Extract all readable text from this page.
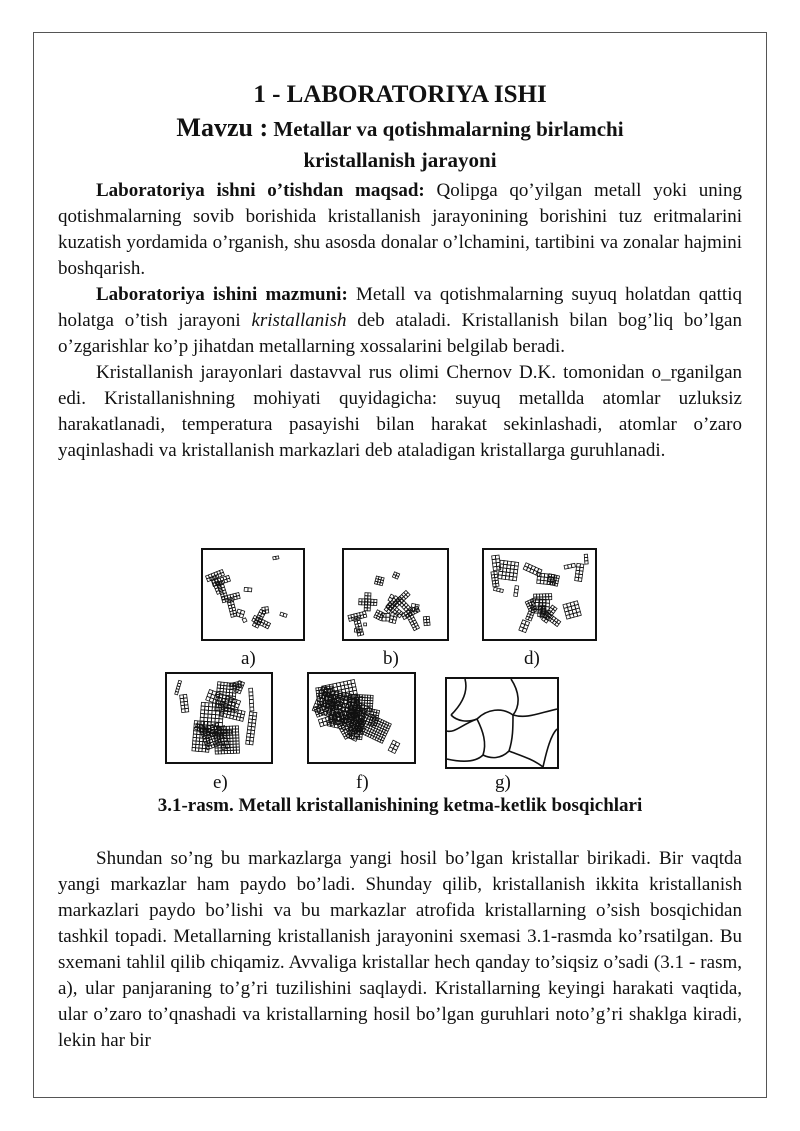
1 - LABORATORIYA ISHI
Mavzu : Metallar va qotishmalarning birlamchi
kristallanish jarayoni

Laboratoriya ishni o’tishdan maqsad: Qolipga qo’yilgan metall yoki uning qotishmalarning sovib borishida kristallanish jarayonining borishini tuz eritmalarini kuzatish yordamida o’rganish, shu asosda donalar o’lchamini, tartibini va zonalar hajmini boshqarish.

Laboratoriya ishini mazmuni: Metall va qotishmalarning suyuq holatdan qattiq holatga o’tish jarayoni kristallanish deb ataladi. Kristallanish bilan bog’liq bo’lgan o’zgarishlar ko’p jihatdan metallarning xossalarini belgilab beradi.

Kristallanish jarayonlari dastavval rus olimi Chernov D.K. tomonidan o_rganilgan edi. Kristallanishning mohiyati quyidagicha: suyuq metallda atomlar uzluksiz harakatlanadi, temperatura pasayishi bilan harakat sekinlashadi, atomlar o’zaro yaqinlashadi va kristallanish markazlari deb ataladigan kristallarga guruhlanadi.

a)	b)	d)
e)	f)	g)
3.1-rasm. Metall kristallanishining ketma-ketlik bosqichlari

Shundan so’ng bu markazlarga yangi hosil bo’lgan kristallar birikadi. Bir vaqtda yangi markazlar ham paydo bo’ladi. Shunday qilib, kristallanish ikkita kristallanish markazlari paydo bo’lishi va bu markazlar atrofida kristallarning o’sish bosqichidan tashkil topadi. Metallarning kristallanish jarayonini sxemasi 3.1-rasmda ko’rsatilgan. Bu sxemani tahlil qilib chiqamiz. Avvaliga kristallar hech qanday to’siqsiz o’sadi (3.1 - rasm, a), ular panjaraning to’g’ri tuzilishini saqlaydi. Kristallarning keyingi harakati vaqtida, ular o’zaro to’qnashadi va kristallarning hosil bo’lgan guruhlari noto’g’ri shaklga kiradi, lekin har bir
